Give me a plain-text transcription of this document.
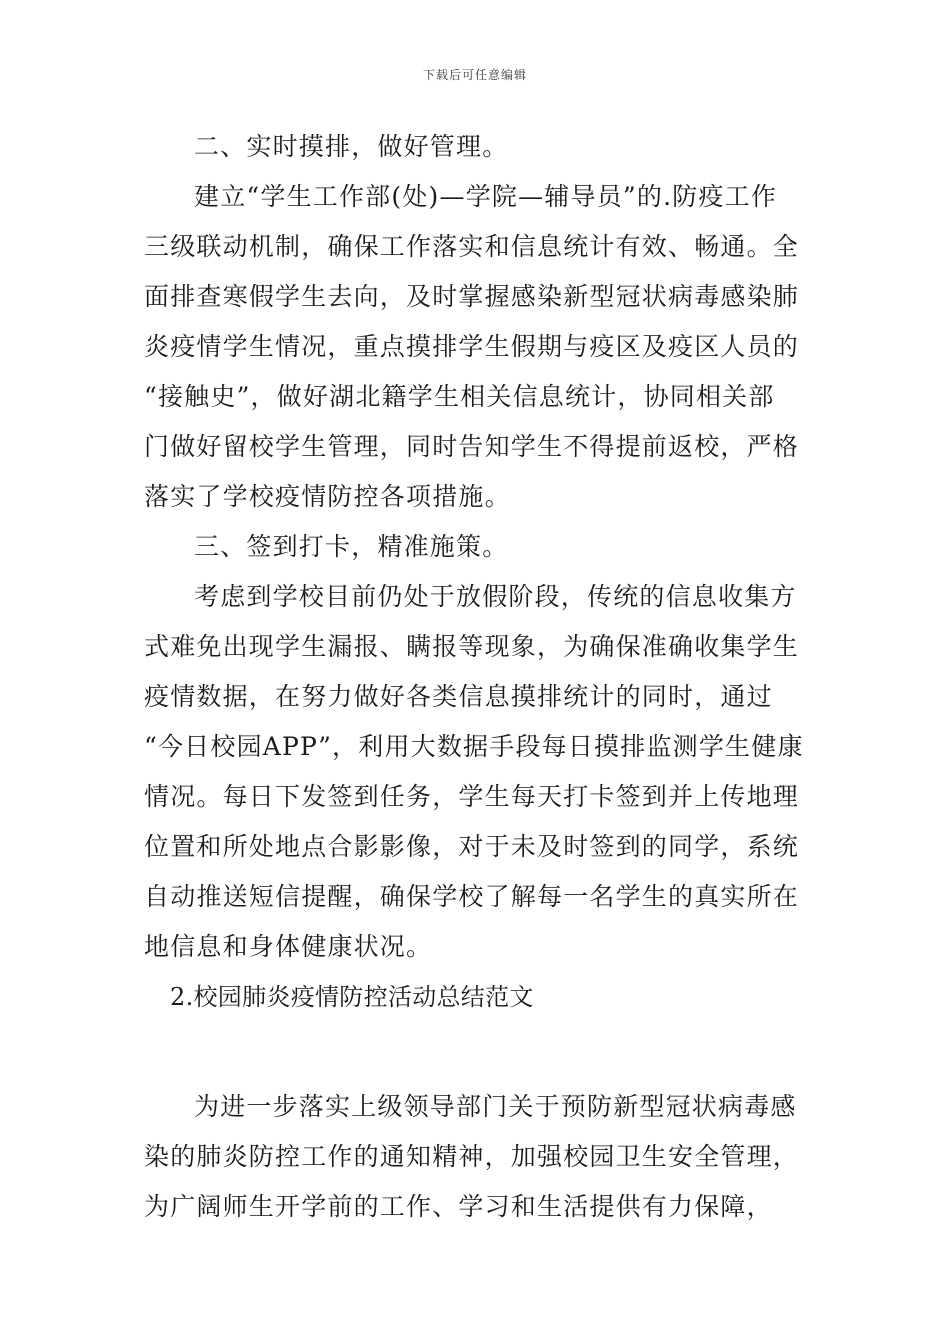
下载后可任意编辑
二、实时摸排，做好管理。
建立“学生工作部(处)—学院—辅导员”的.防疫工作
三级联动机制，确保工作落实和信息统计有效、畅通。全
面排查寒假学生去向，及时掌握感染新型冠状病毒感染肺
炎疫情学生情况，重点摸排学生假期与疫区及疫区人员的
“接触史”，做好湖北籍学生相关信息统计，协同相关部
门做好留校学生管理，同时告知学生不得提前返校，严格
落实了学校疫情防控各项措施。
三、签到打卡，精准施策。
考虑到学校目前仍处于放假阶段，传统的信息收集方
式难免出现学生漏报、瞒报等现象，为确保准确收集学生
疫情数据，在努力做好各类信息摸排统计的同时，通过
“今日校园APP”，利用大数据手段每日摸排监测学生健康
情况。每日下发签到任务，学生每天打卡签到并上传地理
位置和所处地点合影影像，对于未及时签到的同学，系统
自动推送短信提醒，确保学校了解每一名学生的真实所在
地信息和身体健康状况。
2.校园肺炎疫情防控活动总结范文
为进一步落实上级领导部门关于预防新型冠状病毒感
染的肺炎防控工作的通知精神，加强校园卫生安全管理，
为广阔师生开学前的工作、学习和生活提供有力保障，
